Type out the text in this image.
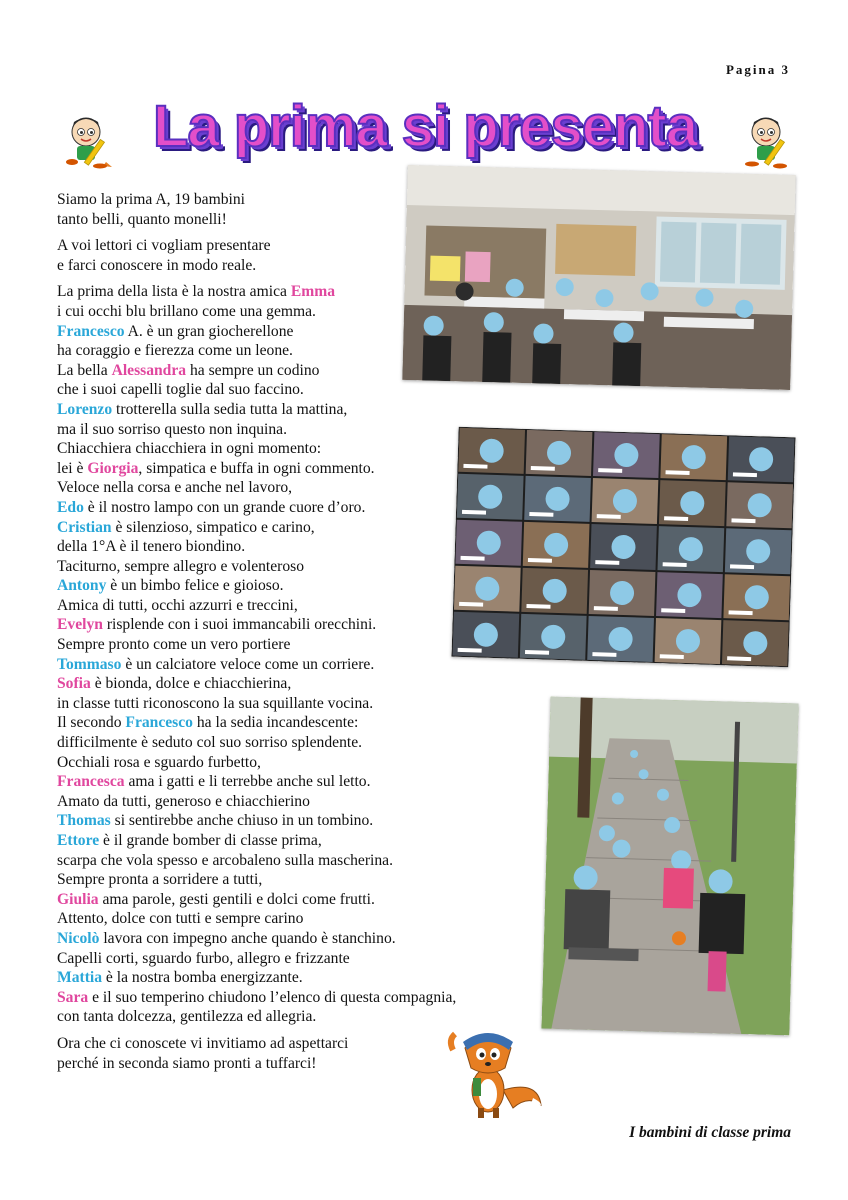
Pagina 3
La prima si presenta

Siamo la prima A, 19 bambini
tanto belli, quanto monelli!

A voi lettori ci vogliam presentare
e farci conoscere in modo reale.

La prima della lista è la nostra amica Emma
i cui occhi blu brillano come una gemma.
Francesco A. è un gran giocherellone
ha coraggio e fierezza come un leone.
La bella Alessandra ha sempre un codino
che i suoi capelli toglie dal suo faccino.
Lorenzo trotterella sulla sedia tutta la mattina,
ma il suo sorriso questo non inquina.
Chiacchiera chiacchiera in ogni momento:
lei è Giorgia, simpatica e buffa in ogni commento.
Veloce nella corsa e anche nel lavoro,
Edo è il nostro lampo con un grande cuore d’oro.
Cristian è silenzioso, simpatico e carino,
della 1°A è il tenero biondino.
Taciturno, sempre allegro e volenteroso
Antony è un bimbo felice e gioioso.
Amica di tutti, occhi azzurri e treccini,
Evelyn risplende con i suoi immancabili orecchini.
Sempre pronto come un vero portiere
Tommaso è un calciatore veloce come un corriere.
Sofia è bionda, dolce e chiacchierina,
in classe tutti riconoscono la sua squillante vocina.
Il secondo Francesco ha la sedia incandescente:
difficilmente è seduto col suo sorriso splendente.
Occhiali rosa e sguardo furbetto,
Francesca ama i gatti e li terrebbe anche sul letto.
Amato da tutti, generoso e chiacchierino
Thomas si sentirebbe anche chiuso in un tombino.
Ettore è il grande bomber di classe prima,
scarpa che vola spesso e arcobaleno sulla mascherina.
Sempre pronta a sorridere a tutti,
Giulia ama parole, gesti gentili e dolci come frutti.
Attento, dolce con tutti e sempre carino
Nicolò lavora con impegno anche quando è stanchino.
Capelli corti, sguardo furbo, allegro e frizzante
Mattia è la nostra bomba energizzante.
Sara e il suo temperino chiudono l’elenco di questa compagnia,
con tanta dolcezza, gentilezza ed allegria.

Ora che ci conoscete vi invitiamo ad aspettarci
perché in seconda siamo pronti a tuffarci!

I bambini di classe prima
